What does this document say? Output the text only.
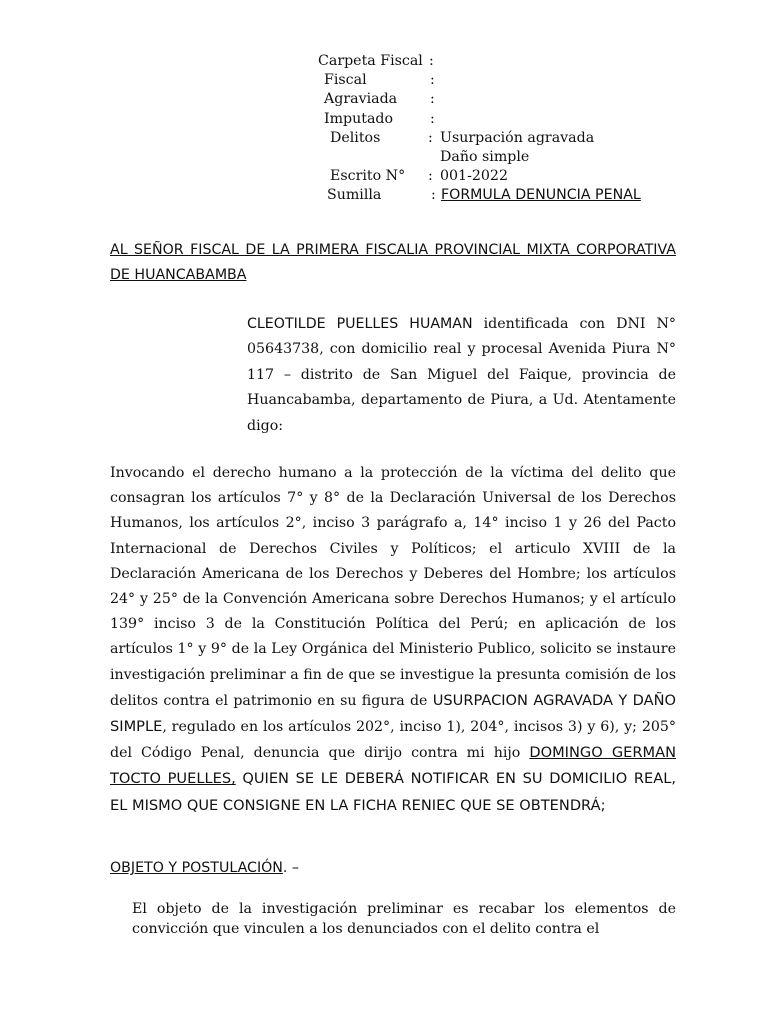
Carpeta Fiscal :
Fiscal	:
Agraviada	:
Imputado	:
Delitos	: Usurpación agravada
Daño simple
Escrito N°	: 001-2022
Sumilla	: FORMULA DENUNCIA PENAL
AL SEÑOR FISCAL DE LA PRIMERA FISCALIA PROVINCIAL MIXTA CORPORATIVA DE HUANCABAMBA
CLEOTILDE PUELLES HUAMAN identificada con DNI N° 05643738, con domicilio real y procesal Avenida Piura N° 117 – distrito de San Miguel del Faique, provincia de Huancabamba, departamento de Piura, a Ud. Atentamente digo:
Invocando el derecho humano a la protección de la víctima del delito que consagran los artículos 7° y 8° de la Declaración Universal de los Derechos Humanos, los artículos 2°, inciso 3 parágrafo a, 14° inciso 1 y 26 del Pacto Internacional de Derechos Civiles y Políticos; el articulo XVIII de la Declaración Americana de los Derechos y Deberes del Hombre; los artículos 24° y 25° de la Convención Americana sobre Derechos Humanos; y el artículo 139° inciso 3 de la Constitución Política del Perú; en aplicación de los artículos 1° y 9° de la Ley Orgánica del Ministerio Publico, solicito se instaure investigación preliminar a fin de que se investigue la presunta comisión de los delitos contra el patrimonio en su figura de USURPACION AGRAVADA Y DAÑO SIMPLE, regulado en los artículos 202°, inciso 1), 204°, incisos 3) y 6), y; 205° del Código Penal, denuncia que dirijo contra mi hijo DOMINGO GERMAN TOCTO PUELLES, QUIEN SE LE DEBERÁ NOTIFICAR EN SU DOMICILIO REAL, EL MISMO QUE CONSIGNE EN LA FICHA RENIEC QUE SE OBTENDRÁ;
OBJETO Y POSTULACIÓN. –
El objeto de la investigación preliminar es recabar los elementos de convicción que vinculen a los denunciados con el delito contra el
